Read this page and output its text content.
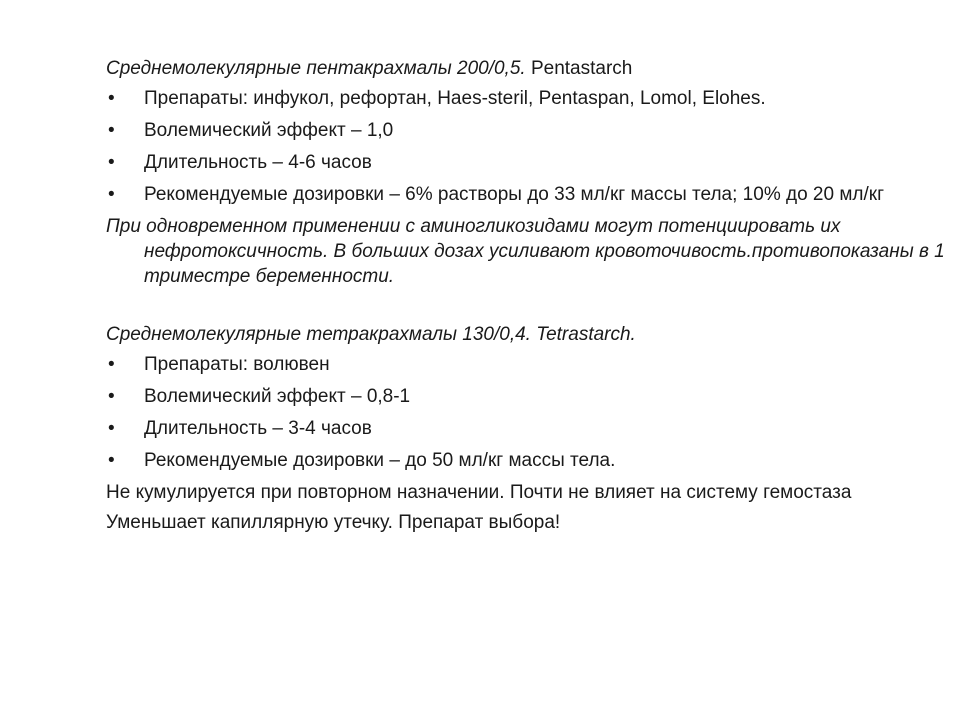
Среднемолекулярные пентакрахмалы 200/0,5. Pentastarch

• Препараты: инфукол, рефортан, Haes-steril, Pentaspan, Lomol, Elohes.
• Волемический эффект – 1,0
• Длительность – 4-6 часов
• Рекомендуемые дозировки – 6% растворы до 33 мл/кг массы тела; 10% до 20 мл/кг

При одновременном применении с аминогликозидами могут потенциировать их нефротоксичность. В больших дозах усиливают кровоточивость.противопоказаны в 1 триместре беременности.

Среднемолекулярные тетракрахмалы 130/0,4. Tetrastarch.

• Препараты: волювен
• Волемический эффект – 0,8-1
• Длительность – 3-4 часов
• Рекомендуемые дозировки – до 50 мл/кг массы тела.

Не кумулируется при повторном назначении. Почти не влияет на систему гемостаза

Уменьшает капиллярную утечку. Препарат выбора!
